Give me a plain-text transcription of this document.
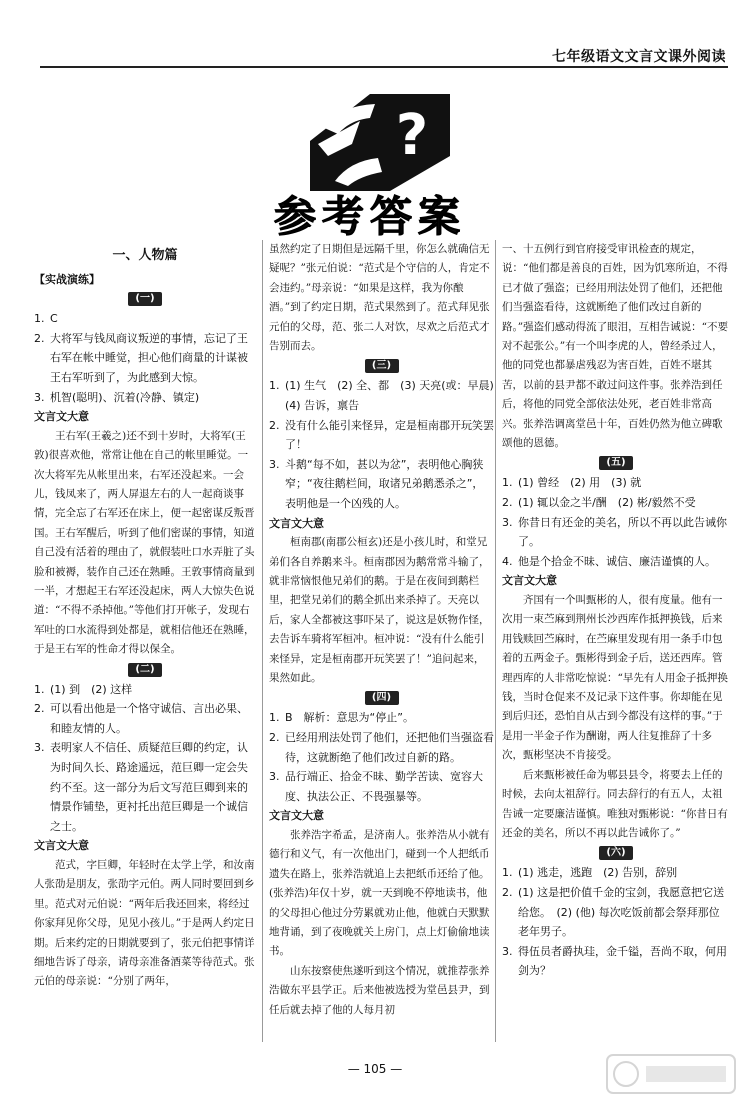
七年级语文文言文课外阅读
?
参考答案
一、人物篇
【实战演练】
(一)
1. C
2. 大将军与钱凤商议叛逆的事情，忘记了王右军在帐中睡觉，担心他们商量的计谋被王右军听到了，为此感到大惊。
3. 机智(聪明)、沉着(冷静、镇定)
文言文大意
王右军(王羲之)还不到十岁时，大将军(王敦)很喜欢他，常常让他在自己的帐里睡觉。一次大将军先从帐里出来，右军还没起来。一会儿，钱凤来了，两人屏退左右的人一起商谈事情，完全忘了右军还在床上，便一起密谋反叛晋国。王右军醒后，听到了他们密谋的事情，知道自己没有活着的理由了，就假装吐口水弄脏了头脸和被褥，装作自己还在熟睡。王敦事情商量到一半，才想起王右军还没起床，两人大惊失色说道：“不得不杀掉他。”等他们打开帐子，发现右军吐的口水流得到处都是，就相信他还在熟睡，于是王右军的性命才得以保全。
(二)
1. (1) 到　(2) 这样
2. 可以看出他是一个恪守诚信、言出必果、和睦友情的人。
3. 表明家人不信任、质疑范巨卿的约定，认为时间久长、路途遥远，范巨卿一定会失约不至。这一部分为后文写范巨卿到来的情景作铺垫，更衬托出范巨卿是一个诚信之士。
文言文大意
范式，字巨卿，年轻时在太学上学，和汝南人张劭是朋友，张劭字元伯。两人同时要回到乡里。范式对元伯说：“两年后我还回来，将经过你家拜见你父母，见见小孩儿。”于是两人约定日期。后来约定的日期就要到了，张元伯把事情详细地告诉了母亲，请母亲准备酒菜等待范式。张元伯的母亲说：“分别了两年，
虽然约定了日期但是远隔千里，你怎么就确信无疑呢？”张元伯说：“范式是个守信的人，肯定不会违约。”母亲说：“如果是这样，我为你酿酒。”到了约定日期，范式果然到了。范式拜见张元伯的父母，范、张二人对饮，尽欢之后范式才告别而去。
(三)
1. (1) 生气　(2) 全、都　(3) 天亮(或：早晨)　(4) 告诉，禀告
2. 没有什么能引来怪异，定是桓南郡开玩笑罢了！
3. 斗鹅“每不如，甚以为忿”，表明他心胸狭窄；“夜往鹅栏间，取诸兄弟鹅悉杀之”，表明他是一个凶残的人。
文言文大意
桓南郡(南郡公桓玄)还是小孩儿时，和堂兄弟们各自养鹅来斗。桓南郡因为鹅常常斗输了，就非常恼恨他兄弟们的鹅。于是在夜间到鹅栏里，把堂兄弟们的鹅全抓出来杀掉了。天亮以后，家人全都被这事吓呆了，说这是妖物作怪，去告诉车骑将军桓冲。桓冲说：“没有什么能引来怪异，定是桓南郡开玩笑罢了！”追问起来，果然如此。
(四)
1. B　解析：意思为“停止”。
2. 已经用刑法处罚了他们，还把他们当强盗看待，这就断绝了他们改过自新的路。
3. 品行端正、拾金不昧、勤学苦读、宽容大度、执法公正、不畏强暴等。
文言文大意
张养浩字希孟，是济南人。张养浩从小就有德行和义气，有一次他出门，碰到一个人把纸币遗失在路上，张养浩就追上去把纸币还给了他。(张养浩)年仅十岁，就一天到晚不停地读书，他的父母担心他过分劳累就劝止他，他就白天默默地背诵，到了夜晚就关上房门，点上灯偷偷地读书。
山东按察使焦遂听到这个情况，就推荐张养浩做东平县学正。后来他被选授为堂邑县尹，到任后就去掉了他的人每月初
一、十五例行到官府接受审讯检查的规定，说：“他们都是善良的百姓，因为饥寒所迫，不得已才做了强盗；已经用刑法处罚了他们，还把他们当强盗看待，这就断绝了他们改过自新的路。”强盗们感动得流了眼泪，互相告诫说：“不要对不起张公。”有一个叫李虎的人，曾经杀过人，他的同党也都暴虐残忍为害百姓，百姓不堪其苦，以前的县尹都不敢过问这件事。张养浩到任后，将他的同党全部依法处死，老百姓非常高兴。张养浩调离堂邑十年，百姓仍然为他立碑歌颂他的恩德。
(五)
1. (1) 曾经　(2) 用　(3) 就
2. (1) 辄以金之半/酬　(2) 彬/毅然不受
3. 你昔日有还金的美名，所以不再以此告诫你了。
4. 他是个拾金不昧、诚信、廉洁谨慎的人。
文言文大意
齐国有一个叫甄彬的人，很有度量。他有一次用一束苎麻到荆州长沙西库作抵押换钱，后来用钱赎回苎麻时，在苎麻里发现有用一条手巾包着的五两金子。甄彬得到金子后，送还西库。管理西库的人非常吃惊说：“早先有人用金子抵押换钱，当时仓促来不及记录下这件事。你却能在见到后归还，恐怕自从古到今都没有这样的事。”于是用一半金子作为酬谢，两人往复推辞了十多次，甄彬坚决不肯接受。
后来甄彬被任命为郫县县令，将要去上任的时候，去向太祖辞行。同去辞行的有五人，太祖告诫一定要廉洁谨慎。唯独对甄彬说：“你昔日有还金的美名，所以不再以此告诫你了。”
(六)
1. (1) 逃走，逃跑　(2) 告别，辞别
2. (1) 这是把价值千金的宝剑，我愿意把它送给您。　(2) (他) 每次吃饭前都会祭拜那位老年男子。
3. 得伍员者爵执珪，金千镒，吾尚不取，何用剑为？
— 105 —
